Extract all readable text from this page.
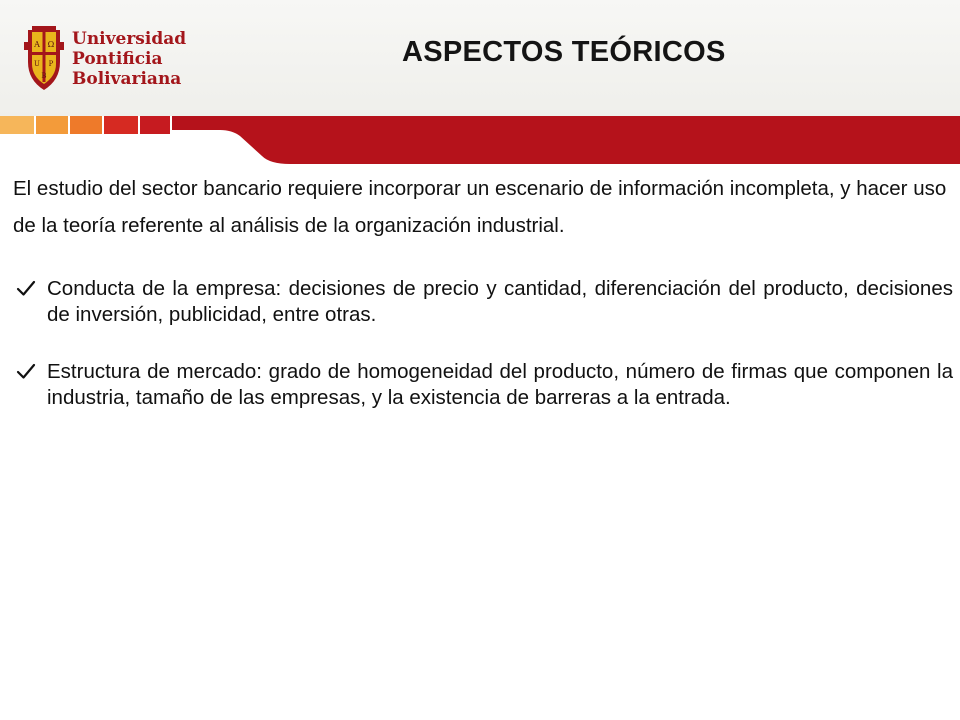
A Ω
U P
B
Universidad
Pontificia
Bolivariana
ASPECTOS TEÓRICOS

El estudio del sector bancario requiere incorporar un escenario de información incompleta, y hacer uso de la teoría referente al análisis de la organización industrial.

Conducta de la empresa: decisiones de precio y cantidad, diferenciación del producto, decisiones de inversión, publicidad, entre otras.
Estructura de mercado: grado de homogeneidad del producto, número de firmas que componen la industria, tamaño de las empresas, y la existencia de barreras a la entrada.
